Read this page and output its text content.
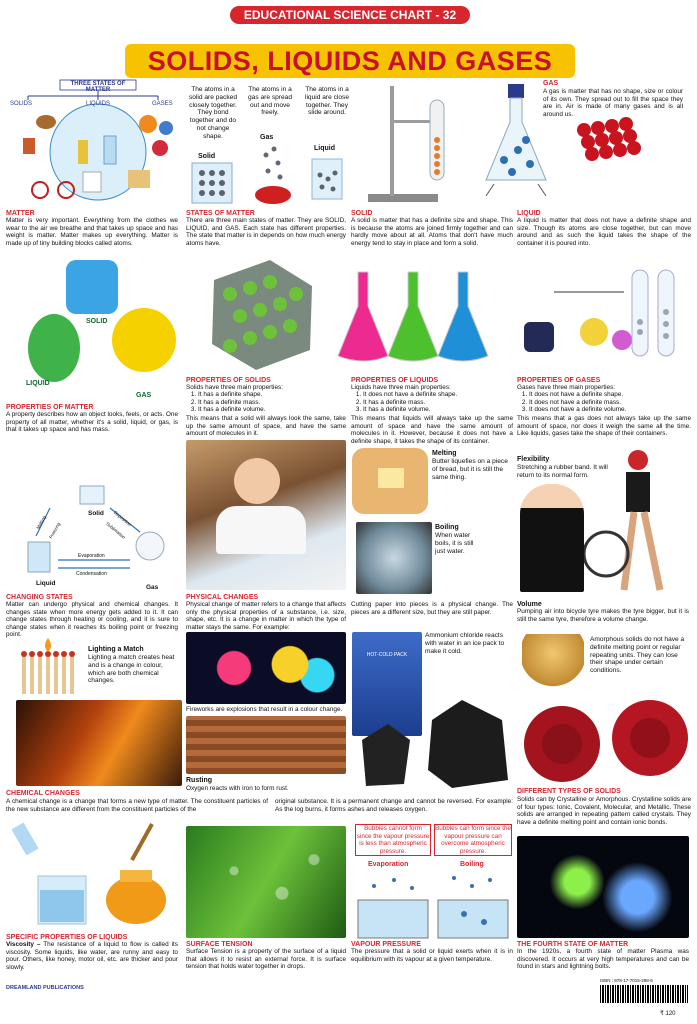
EDUCATIONAL SCIENCE CHART - 32
SOLIDS, LIQUIDS AND GASES
THREE STATES OF MATTER
SOLIDS	LIQUIDS	GASES
The atoms in a solid are packed closely together. They bond together and do not change shape.
The atoms in a gas are spread out and move freely.
The atoms in a liquid are close together. They slide around.
Gas
Solid
Liquid
GAS
A gas is matter that has no shape, size or colour of its own. They spread out to fill the space they are in. Air is made of many gases and is all around us.
MATTER
Matter is very important. Everything from the clothes we wear to the air we breathe and that takes up space and has weight is matter. Matter makes up everything. Matter is made up of tiny building blocks called atoms.
STATES OF MATTER
There are three main states of matter. They are SOLID, LIQUID, and GAS. Each state has different properties. The state that matter is in depends on how much energy atoms have.
SOLID
A solid is matter that has a definite size and shape. This is because the atoms are joined firmly together and can hardly move about at all. Atoms that don't have much energy tend to stay in place and form a solid.
LIQUID
A liquid is matter that does not have a definite shape and size. Though its atoms are close together, but can move around and as such the liquid takes the shape of the container it is poured into.
SOLID
LIQUID
GAS
PROPERTIES OF MATTER
A property describes how an object looks, feels, or acts. One property of all matter, whether it's a solid, liquid, or gas, is that it takes up space and has mass.
PROPERTIES OF SOLIDS
Solids have three main properties:
1. It has a definite shape.
2. It has a definite mass.
3. It has a definite volume.
This means that a solid will always look the same, take up the same amount of space, and have the same amount of molecules in it.
PROPERTIES OF LIQUIDS
Liquids have three main properties:
1. It does not have a definite shape.
2. It has a definite mass.
3. It has a definite volume.
This means that liquids will always take up the same amount of space and have the same amount of molecules in it. However, because it does not have a definite shape, it takes the shape of its container.
PROPERTIES OF GASES
Gases have three main properties:
1. It does not have a definite shape.
2. It does not have a definite mass.
3. It does not have a definite volume.
This means that a gas does not always take up the same amount of space, nor does it weigh the same all the time. Like liquids, gases take the shape of their containers.
Solid
Liquid
Gas
Evaporation
Condensation
Melting Freezing
Deposition
Sublimation
CHANGING STATES
Matter can undergo physical and chemical changes. It changes state when more energy gets added to it. It can change states through heating or cooling, and it is sure to change states when it reaches its boiling point or freezing point.
PHYSICAL CHANGES
Physical change of matter refers to a change that affects only the physical properties of a substance, i.e. size, shape, etc. It is a change in matter in which the type of matter stays the same. For example:
Melting
Butter liquefies on a piece of bread, but it is still the same thing.
Boiling
When water boils, it is still just water.
Cutting paper into pieces is a physical change. The pieces are a different size, but they are still paper.
Flexibility
Stretching a rubber band. It will return to its normal form.
Volume
Pumping air into bicycle tyre makes the tyre bigger, but it is still the same tyre, therefore a volume change.
Lighting a Match
Lighting a match creates heat and is a change in colour, which are both chemical changes.
CHEMICAL CHANGES
Fireworks are explosions that result in a colour change.
Rusting
Oxygen reacts with iron to form rust.
HOT-COLD PACK
Ammonium chloride reacts with water in an ice pack to make it cold.
Amorphous solids do not have a definite melting point or regular repeating units. They can lose their shape under certain conditions.
DIFFERENT TYPES OF SOLIDS
Solids can by Crystalline or Amorphous. Crystalline solids are of four types: Ionic, Covalent, Molecular, and Metallic. These solids are arranged in repeating pattern called crystals. They have a definite melting point and contain ionic bonds.
A chemical change is a change that forms a new type of matter. The constituent particles of the new substance are different from the constituent particles of the
original substance. It is a permanent change and cannot be reversed. For example: As the log burns, it forms ashes and releases oxygen.
SPECIFIC PROPERTIES OF LIQUIDS
Viscosity – The resistance of a liquid to flow is called its viscosity. Some liquids, like water, are runny and easy to pour. Others, like honey, motor oil, etc. are thicker and pour slowly.
SURFACE TENSION
Surface Tension is a property of the surface of a liquid that allows it to resist an external force. It is surface tension that holds water together in drops.
Bubbles cannot form since the vapour pressure is less than atmospheric pressure.
Bubbles can form since the vapour pressure can overcome atmospheric pressure.
Evaporation	Boiling
VAPOUR PRESSURE
The pressure that a solid or liquid exerts when it is in equilibrium with its vapour at a given temperature.
THE FOURTH STATE OF MATTER
In the 1920s, a fourth state of matter Plasma was discovered. It occurs at very high temperatures and can be found in stars and lightning bolts.
DREAMLAND PUBLICATIONS
ISBN : 978-17-7015-288-6
₹ 120
